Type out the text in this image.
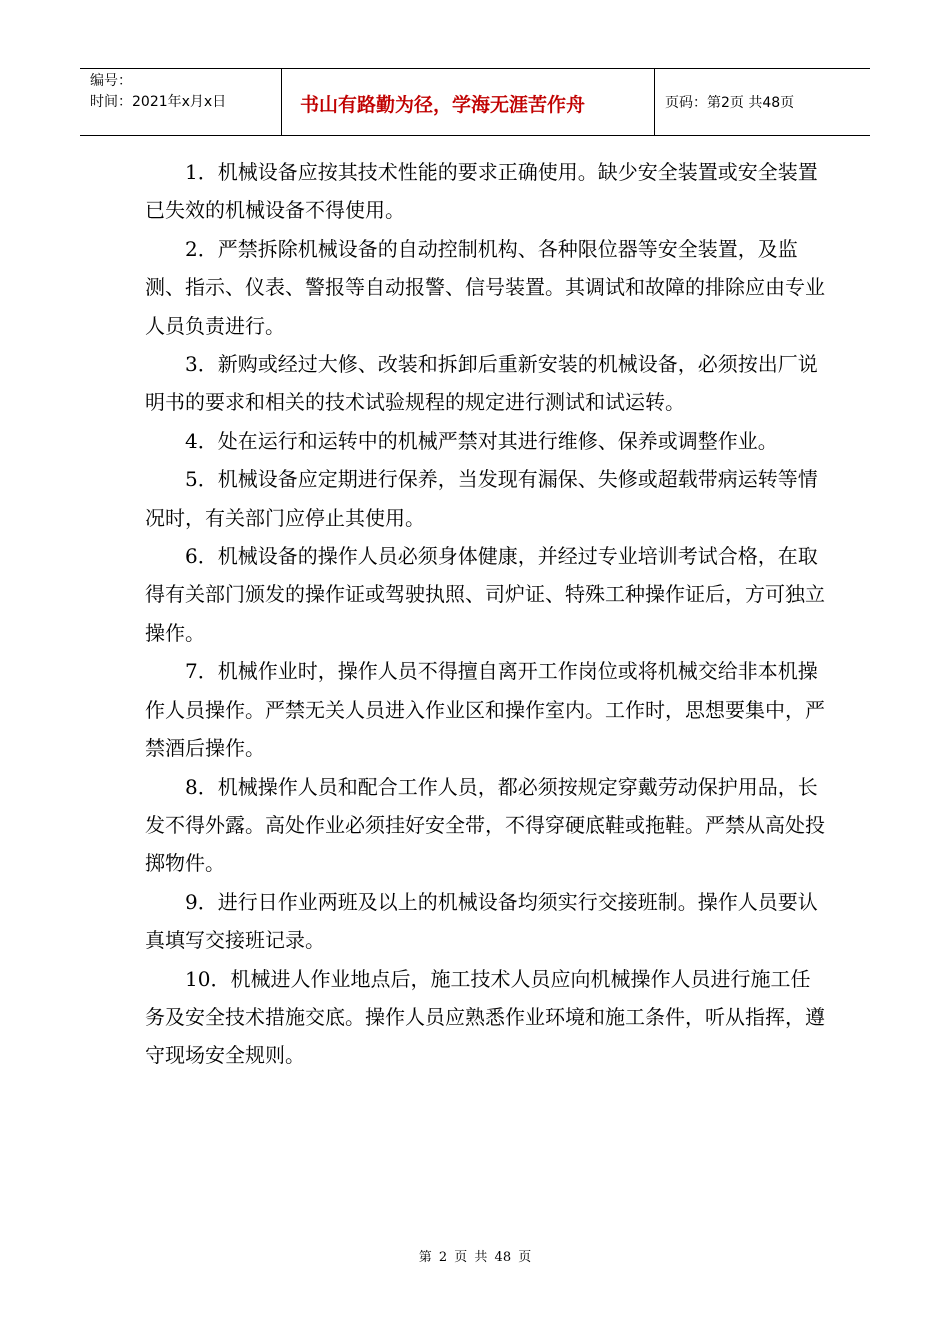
编号：
时间：2021年x月x日	书山有路勤为径，学海无涯苦作舟	页码：第2页 共48页

1．机械设备应按其技术性能的要求正确使用。缺少安全装置或安全装置已失效的机械设备不得使用。

2．严禁拆除机械设备的自动控制机构、各种限位器等安全装置，及监测、指示、仪表、警报等自动报警、信号装置。其调试和故障的排除应由专业人员负责进行。

3．新购或经过大修、改装和拆卸后重新安装的机械设备，必须按出厂说明书的要求和相关的技术试验规程的规定进行测试和试运转。

4．处在运行和运转中的机械严禁对其进行维修、保养或调整作业。

5．机械设备应定期进行保养，当发现有漏保、失修或超载带病运转等情况时，有关部门应停止其使用。

6．机械设备的操作人员必须身体健康，并经过专业培训考试合格，在取得有关部门颁发的操作证或驾驶执照、司炉证、特殊工种操作证后，方可独立操作。

7．机械作业时，操作人员不得擅自离开工作岗位或将机械交给非本机操作人员操作。严禁无关人员进入作业区和操作室内。工作时，思想要集中，严禁酒后操作。

8．机械操作人员和配合工作人员，都必须按规定穿戴劳动保护用品，长发不得外露。高处作业必须挂好安全带，不得穿硬底鞋或拖鞋。严禁从高处投掷物件。

9．进行日作业两班及以上的机械设备均须实行交接班制。操作人员要认真填写交接班记录。

10．机械进人作业地点后，施工技术人员应向机械操作人员进行施工任务及安全技术措施交底。操作人员应熟悉作业环境和施工条件，听从指挥，遵守现场安全规则。

第 2 页 共 48 页
